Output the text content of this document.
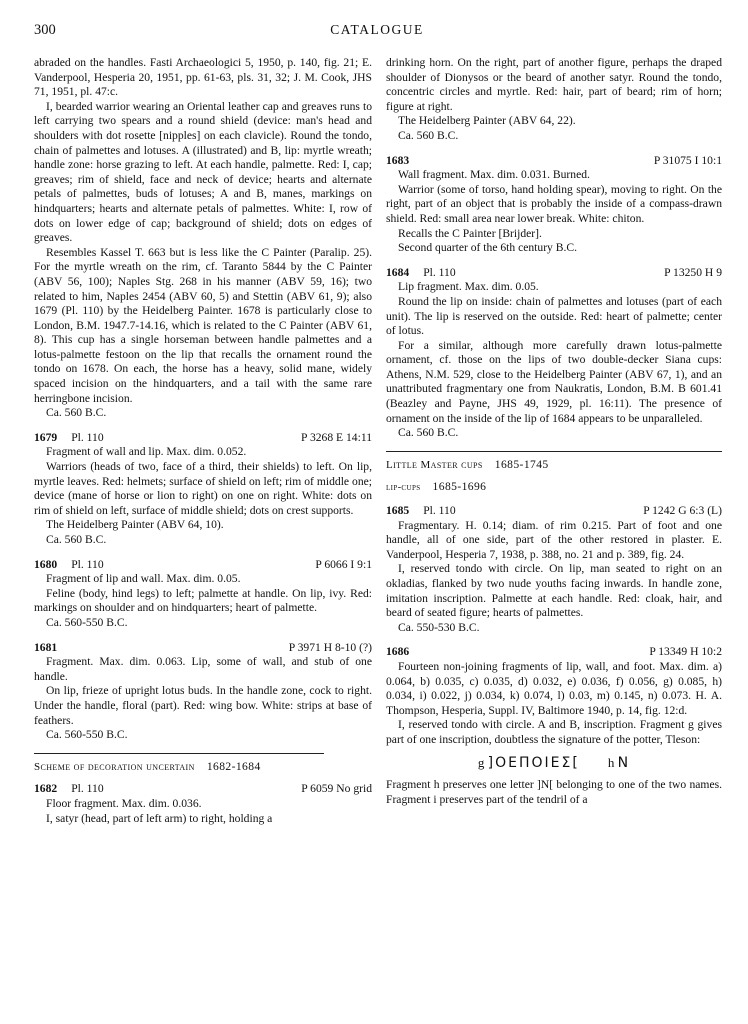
300	CATALOGUE

abraded on the handles. Fasti Archaeologici 5, 1950, p. 140, fig. 21; E. Vanderpool, Hesperia 20, 1951, pp. 61-63, pls. 31, 32; J. M. Cook, JHS 71, 1951, pl. 47:c.

I, bearded warrior wearing an Oriental leather cap and greaves runs to left carrying two spears and a round shield (device: man's head and shoulders with dot rosette [nipples] on each clavicle). Round the tondo, chain of palmettes and lotuses. A (illustrated) and B, lip: myrtle wreath; handle zone: horse grazing to left. At each handle, palmette. Red: I, cap; greaves; rim of shield, face and neck of device; hearts and alternate petals of palmettes, buds of lotuses; A and B, manes, markings on hindquarters; hearts and alternate petals of palmettes. White: I, row of dots on lower edge of cap; background of shield; dots on edges of greaves.

Resembles Kassel T. 663 but is less like the C Painter (Paralip. 25). For the myrtle wreath on the rim, cf. Taranto 5844 by the C Painter (ABV 56, 100); Naples Stg. 268 in his manner (ABV 59, 16); two related to him, Naples 2454 (ABV 60, 5) and Stettin (ABV 61, 9); also 1679 (Pl. 110) by the Heidelberg Painter. 1678 is particularly close to London, B.M. 1947.7-14.16, which is related to the C Painter (ABV 61, 8). This cup has a single horseman between handle palmettes and a lotus-palmette festoon on the lip that recalls the ornament round the tondo on 1678. On each, the horse has a heavy, solid mane, widely spaced incision on the hindquarters, and a tail with the same rare herringbone incision.

Ca. 560 B.C.

1679 Pl. 110	P 3268 E 14:11

Fragment of wall and lip. Max. dim. 0.052.

Warriors (heads of two, face of a third, their shields) to left. On lip, myrtle leaves. Red: helmets; surface of shield on left; rim of middle one; device (mane of horse or lion to right) on one on right. White: dots on rim of shield on left, surface of middle shield; dots on crest supports.

The Heidelberg Painter (ABV 64, 10).

Ca. 560 B.C.

1680 Pl. 110	P 6066 I 9:1

Fragment of lip and wall. Max. dim. 0.05.

Feline (body, hind legs) to left; palmette at handle. On lip, ivy. Red: markings on shoulder and on hindquarters; heart of palmette.

Ca. 560-550 B.C.

1681	P 3971 H 8-10 (?)

Fragment. Max. dim. 0.063. Lip, some of wall, and stub of one handle.

On lip, frieze of upright lotus buds. In the handle zone, cock to right. Under the handle, floral (part). Red: wing bow. White: strips at base of feathers.

Ca. 560-550 B.C.

Scheme of decoration uncertain 1682-1684
1682 Pl. 110	P 6059 No grid

Floor fragment. Max. dim. 0.036.

I, satyr (head, part of left arm) to right, holding a

drinking horn. On the right, part of another figure, perhaps the draped shoulder of Dionysos or the beard of another satyr. Round the tondo, concentric circles and myrtle. Red: hair, part of beard; rim of horn; figure at right.

The Heidelberg Painter (ABV 64, 22).

Ca. 560 B.C.

1683	P 31075 I 10:1

Wall fragment. Max. dim. 0.031. Burned.

Warrior (some of torso, hand holding spear), moving to right. On the right, part of an object that is probably the inside of a compass-drawn shield. Red: small area near lower break. White: chiton.

Recalls the C Painter [Brijder].

Second quarter of the 6th century B.C.

1684 Pl. 110	P 13250 H 9

Lip fragment. Max. dim. 0.05.

Round the lip on inside: chain of palmettes and lotuses (part of each unit). The lip is reserved on the outside. Red: heart of palmette; center of lotus.

For a similar, although more carefully drawn lotus-palmette ornament, cf. those on the lips of two double-decker Siana cups: Athens, N.M. 529, close to the Heidelberg Painter (ABV 67, 1), and an unattributed fragmentary one from Naukratis, London, B.M. B 601.41 (Beazley and Payne, JHS 49, 1929, pl. 16:11). The presence of ornament on the inside of the lip of 1684 appears to be unparalleled.

Ca. 560 B.C.

Little Master cups 1685-1745
lip-cups 1685-1696
1685 Pl. 110	P 1242 G 6:3 (L)

Fragmentary. H. 0.14; diam. of rim 0.215. Part of foot and one handle, all of one side, part of the other restored in plaster. E. Vanderpool, Hesperia 7, 1938, p. 388, no. 21 and p. 389, fig. 24.

I, reserved tondo with circle. On lip, man seated to right on an okladias, flanked by two nude youths facing inwards. In handle zone, imitation inscription. Palmette at each handle. Red: cloak, hair, and beard of seated figure; hearts of palmettes.

Ca. 550-530 B.C.

1686	P 13349 H 10:2

Fourteen non-joining fragments of lip, wall, and foot. Max. dim. a) 0.064, b) 0.035, c) 0.035, d) 0.032, e) 0.036, f) 0.056, g) 0.085, h) 0.034, i) 0.022, j) 0.034, k) 0.074, l) 0.03, m) 0.145, n) 0.073. H. A. Thompson, Hesperia, Suppl. IV, Baltimore 1940, p. 14, fig. 12:d.

I, reserved tondo with circle. A and B, inscription. Fragment g gives part of one inscription, doubtless the signature of the potter, Tleson:

g ]OEΠOIEΣ[ h N

Fragment h preserves one letter ]N[ belonging to one of the two names. Fragment i preserves part of the tendril of a
